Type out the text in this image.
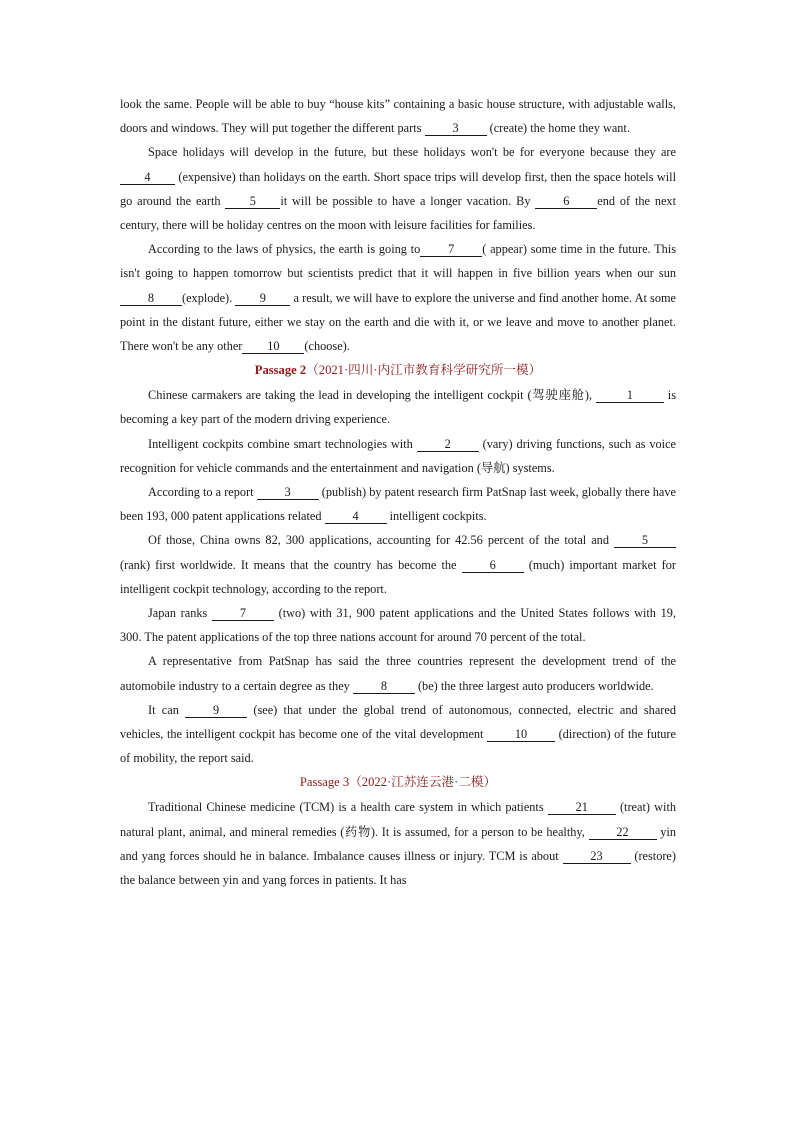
look the same. People will be able to buy “house kits” containing a basic house structure, with adjustable walls, doors and windows. They will put together the different parts 3 (create) the home they want.

Space holidays will develop in the future, but these holidays won't be for everyone because they are 4 (expensive) than holidays on the earth. Short space trips will develop first, then the space hotels will go around the earth 5 it will be possible to have a longer vacation. By 6 end of the next century, there will be holiday centres on the moon with leisure facilities for families.

According to the laws of physics, the earth is going to 7 ( appear) some time in the future. This isn't going to happen tomorrow but scientists predict that it will happen in five billion years when our sun8 (explode). 9 a result, we will have to explore the universe and find another home. At some point in the distant future, either we stay on the earth and die with it, or we leave and move to another planet. There won't be any other 10 (choose).

Passage 2（2021·四川·内江市教育科学研究所一模）

Chinese carmakers are taking the lead in developing the intelligent cockpit (驾驶座舱),	1	is becoming a key part of the modern driving experience.

Intelligent cockpits combine smart technologies with 2 (vary) driving functions, such as voice recognition for vehicle commands and the entertainment and navigation (导航) systems.

According to a report 3 (publish) by patent research firm PatSnap last week, globally there have been 193, 000 patent applications related 4 intelligent cockpits.

Of those, China owns 82, 300 applications, accounting for 42.56 percent of the total and 5 (rank) first worldwide. It means that the country has become the 6 (much) important market for intelligent cockpit technology, according to the report.

Japan ranks 7 (two) with 31, 900 patent applications and the United States follows with 19, 300. The patent applications of the top three nations account for around 70 percent of the total.

A representative from PatSnap has said the three countries represent the development trend of the automobile industry to a certain degree as they 8 (be) the three largest auto producers worldwide.

It can 9 (see) that under the global trend of autonomous, connected, electric and shared vehicles, the intelligent cockpit has become one of the vital development 10 (direction) of the future of mobility, the report said.

Passage 3（2022·江苏连云港·二模）

Traditional Chinese medicine (TCM) is a health care system in which patients 21 (treat) with natural plant, animal, and mineral remedies (药物). It is assumed, for a person to be healthy, 22 yin and yang forces should he in balance. Imbalance causes illness or injury. TCM is about 23 (restore) the balance between yin and yang forces in patients. It has
